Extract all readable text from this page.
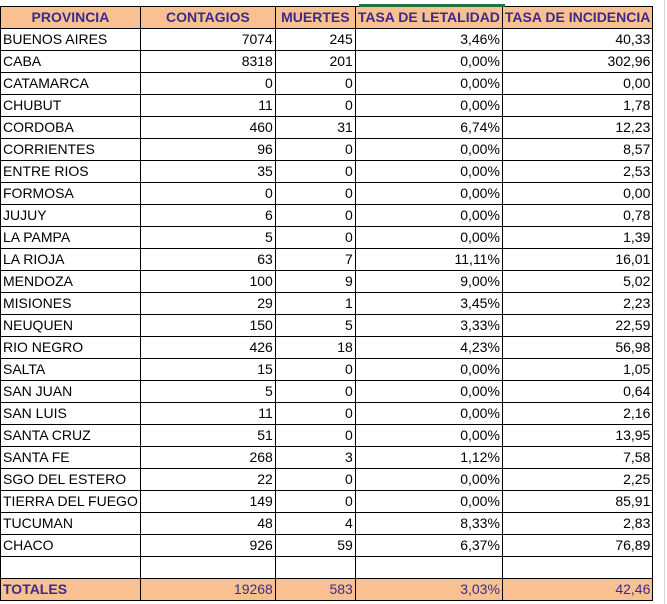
PROVINCIA	CONTAGIOS	MUERTES	TASA DE LETALIDAD	TASA DE INCIDENCIA
BUENOS AIRES	7074	245	3,46%	40,33
CABA	8318	201	0,00%	302,96
CATAMARCA	0	0	0,00%	0,00
CHUBUT	11	0	0,00%	1,78
CORDOBA	460	31	6,74%	12,23
CORRIENTES	96	0	0,00%	8,57
ENTRE RIOS	35	0	0,00%	2,53
FORMOSA	0	0	0,00%	0,00
JUJUY	6	0	0,00%	0,78
LA PAMPA	5	0	0,00%	1,39
LA RIOJA	63	7	11,11%	16,01
MENDOZA	100	9	9,00%	5,02
MISIONES	29	1	3,45%	2,23
NEUQUEN	150	5	3,33%	22,59
RIO NEGRO	426	18	4,23%	56,98
SALTA	15	0	0,00%	1,05
SAN JUAN	5	0	0,00%	0,64
SAN LUIS	11	0	0,00%	2,16
SANTA CRUZ	51	0	0,00%	13,95
SANTA FE	268	3	1,12%	7,58
SGO DEL ESTERO	22	0	0,00%	2,25
TIERRA DEL FUEGO	149	0	0,00%	85,91
TUCUMAN	48	4	8,33%	2,83
CHACO	926	59	6,37%	76,89

TOTALES	19268	583	3,03%	42,46
